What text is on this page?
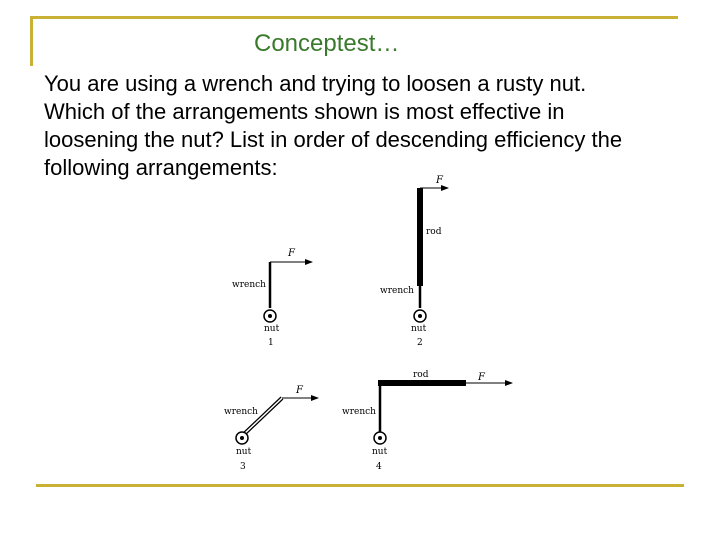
Conceptest…
You are using a wrench and trying to loosen a rusty nut.
Which of the arrangements shown is most effective in
loosening the nut? List in order of descending efficiency the
following arrangements:
F
wrench
nut
1
F
rod
wrench
nut
2
F
wrench
nut
3
F
rod
wrench
nut
4
